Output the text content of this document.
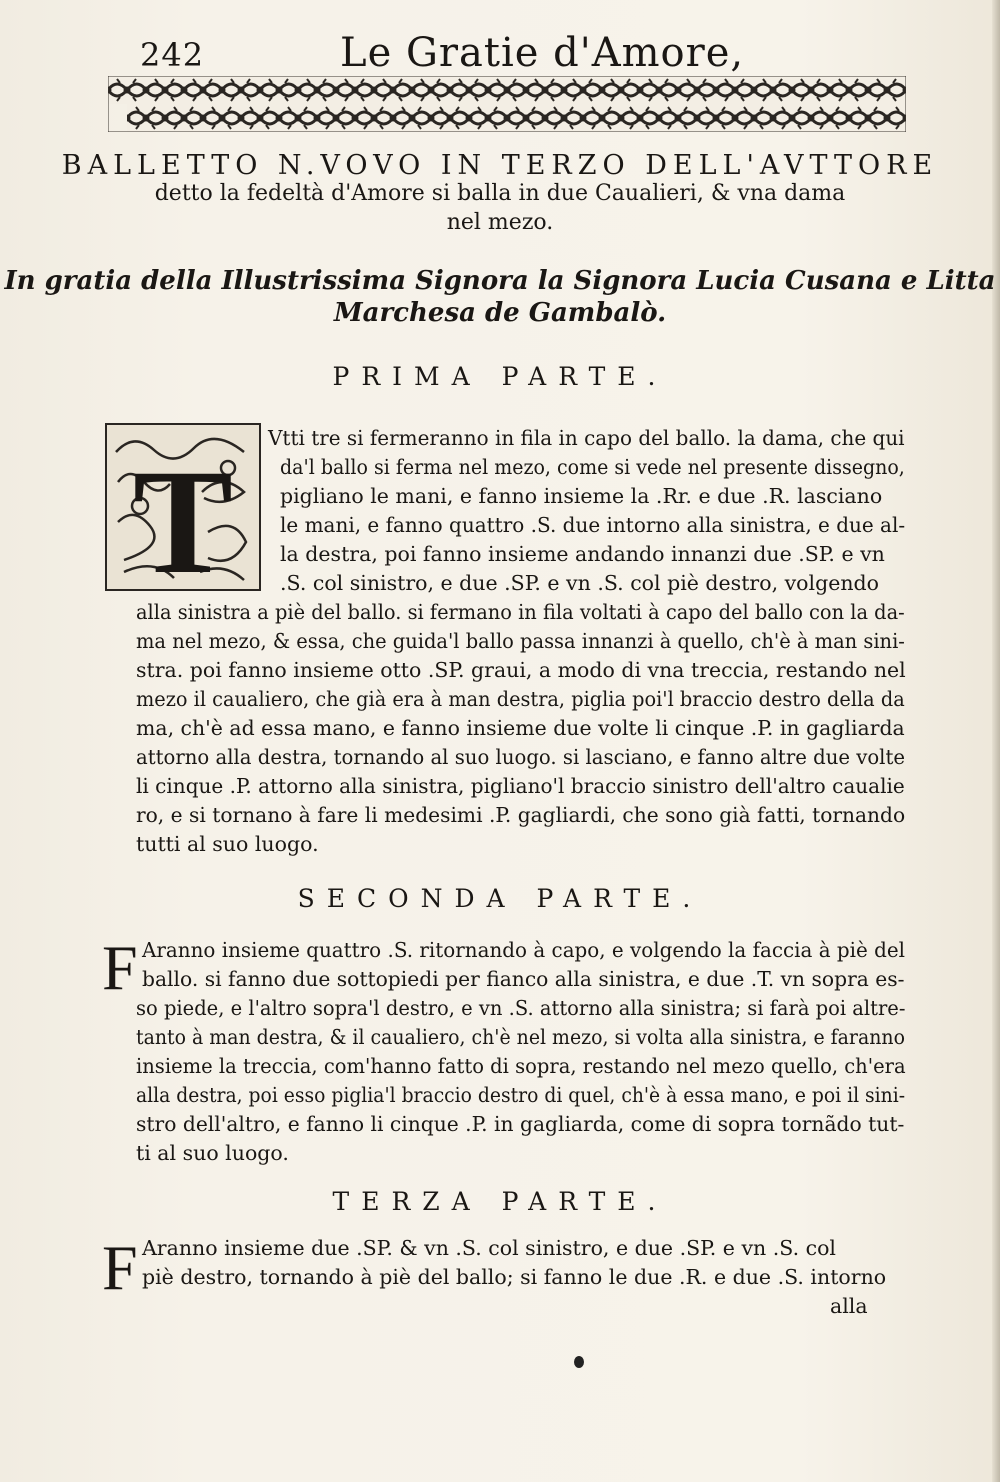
242	Le Gratie d'Amore,
BALLETTO N.VOVO IN TERZO DELL'AVTTORE
detto la fedeltà d'Amore si balla in due Caualieri, & vna dama
nel mezo.
In gratia della Illustrissima Signora la Signora Lucia Cusana e Litta
Marchesa de Gambalò.
PRIMA PARTE.
T
Vtti tre si fermeranno in fila in capo del ballo. la dama, che qui
da'l ballo si ferma nel mezo, come si vede nel presente dissegno,
pigliano le mani, e fanno insieme la .Rr. e due .R. lasciano
le mani, e fanno quattro .S. due intorno alla sinistra, e due al-
la destra, poi fanno insieme andando innanzi due .SP. e vn
.S. col sinistro, e due .SP. e vn .S. col piè destro, volgendo
alla sinistra a piè del ballo. si fermano in fila voltati à capo del ballo con la da-
ma nel mezo, & essa, che guida'l ballo passa innanzi à quello, ch'è à man sini-
stra. poi fanno insieme otto .SP. graui, a modo di vna treccia, restando nel
mezo il caualiero, che già era à man destra, piglia poi'l braccio destro della da
ma, ch'è ad essa mano, e fanno insieme due volte li cinque .P. in gagliarda
attorno alla destra, tornando al suo luogo. si lasciano, e fanno altre due volte
li cinque .P. attorno alla sinistra, pigliano'l braccio sinistro dell'altro caualie
ro, e si tornano à fare li medesimi .P. gagliardi, che sono già fatti, tornando
tutti al suo luogo.
SECONDA PARTE.
F Aranno insieme quattro .S. ritornando à capo, e volgendo la faccia à piè del
ballo. si fanno due sottopiedi per fianco alla sinistra, e due .T. vn sopra es-
so piede, e l'altro sopra'l destro, e vn .S. attorno alla sinistra; si farà poi altre-
tanto à man destra, & il caualiero, ch'è nel mezo, si volta alla sinistra, e faranno
insieme la treccia, com'hanno fatto di sopra, restando nel mezo quello, ch'era
alla destra, poi esso piglia'l braccio destro di quel, ch'è à essa mano, e poi il sini-
stro dell'altro, e fanno li cinque .P. in gagliarda, come di sopra tornãdo tut-
ti al suo luogo.
TERZA PARTE.
F Aranno insieme due .SP. & vn .S. col sinistro, e due .SP. e vn .S. col
piè destro, tornando à piè del ballo; si fanno le due .R. e due .S. intorno
alla
